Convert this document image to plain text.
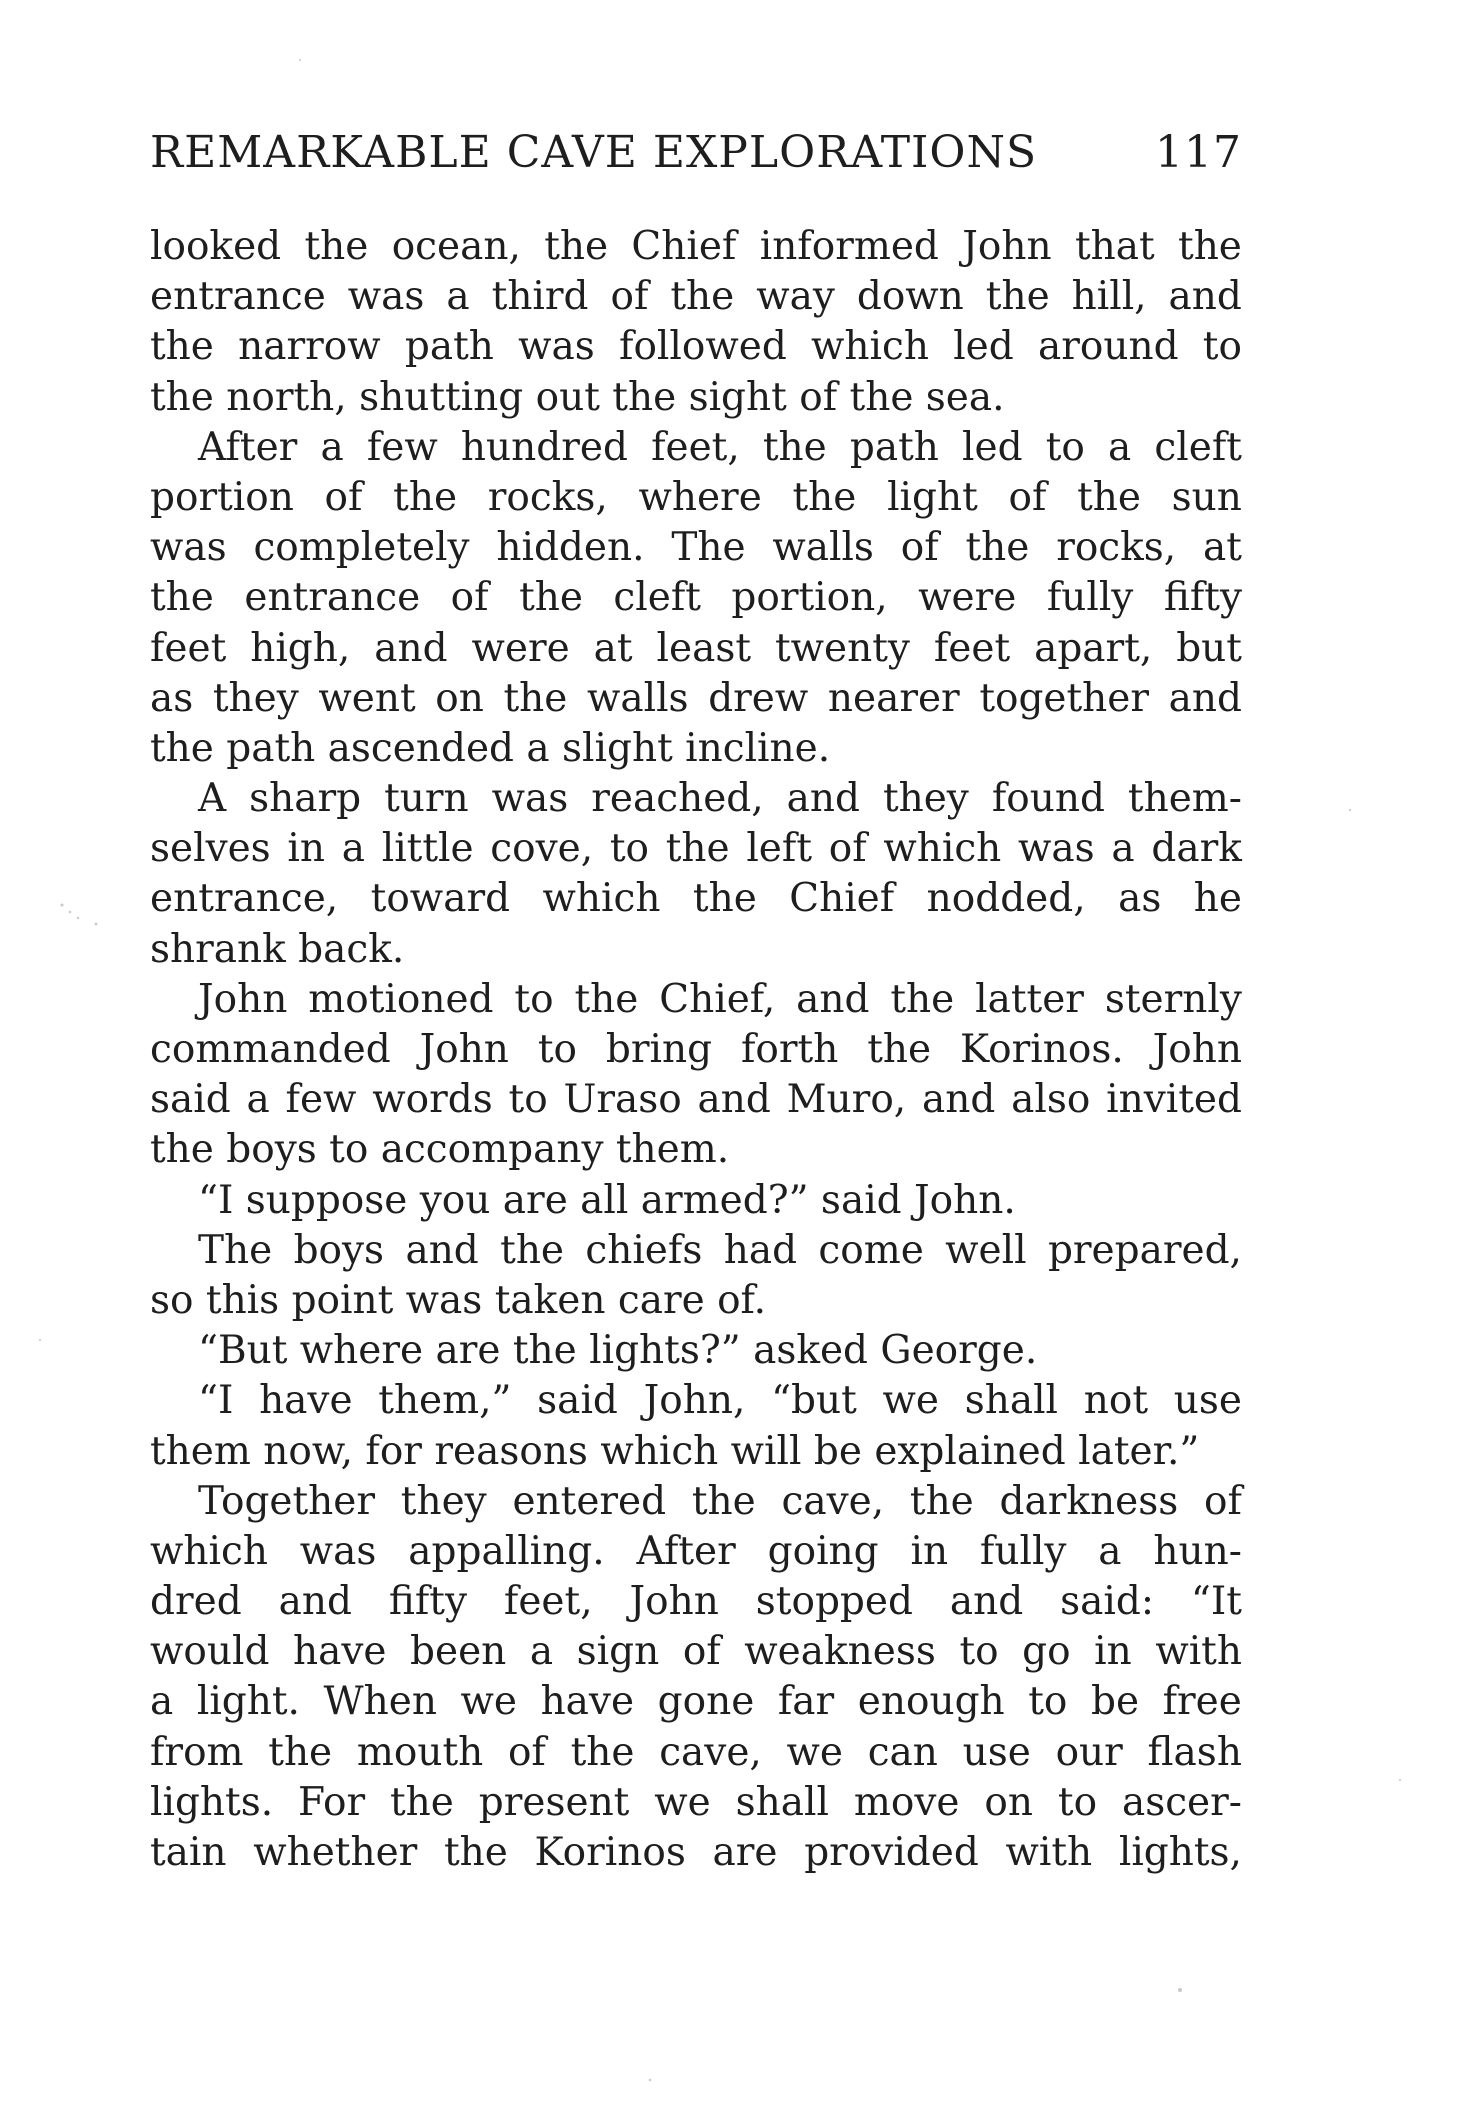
REMARKABLE CAVE EXPLORATIONS	117
looked the ocean, the Chief informed John that the
entrance was a third of the way down the hill, and
the narrow path was followed which led around to
the north, shutting out the sight of the sea.
After a few hundred feet, the path led to a cleft
portion of the rocks, where the light of the sun
was completely hidden. The walls of the rocks, at
the entrance of the cleft portion, were fully fifty
feet high, and were at least twenty feet apart, but
as they went on the walls drew nearer together and
the path ascended a slight incline.
A sharp turn was reached, and they found them-
selves in a little cove, to the left of which was a dark
entrance, toward which the Chief nodded, as he
shrank back.
John motioned to the Chief, and the latter sternly
commanded John to bring forth the Korinos. John
said a few words to Uraso and Muro, and also invited
the boys to accompany them.
“I suppose you are all armed?” said John.
The boys and the chiefs had come well prepared,
so this point was taken care of.
“But where are the lights?” asked George.
“I have them,” said John, “but we shall not use
them now, for reasons which will be explained later.”
Together they entered the cave, the darkness of
which was appalling. After going in fully a hun-
dred and fifty feet, John stopped and said: “It
would have been a sign of weakness to go in with
a light. When we have gone far enough to be free
from the mouth of the cave, we can use our flash
lights. For the present we shall move on to ascer-
tain whether the Korinos are provided with lights,
